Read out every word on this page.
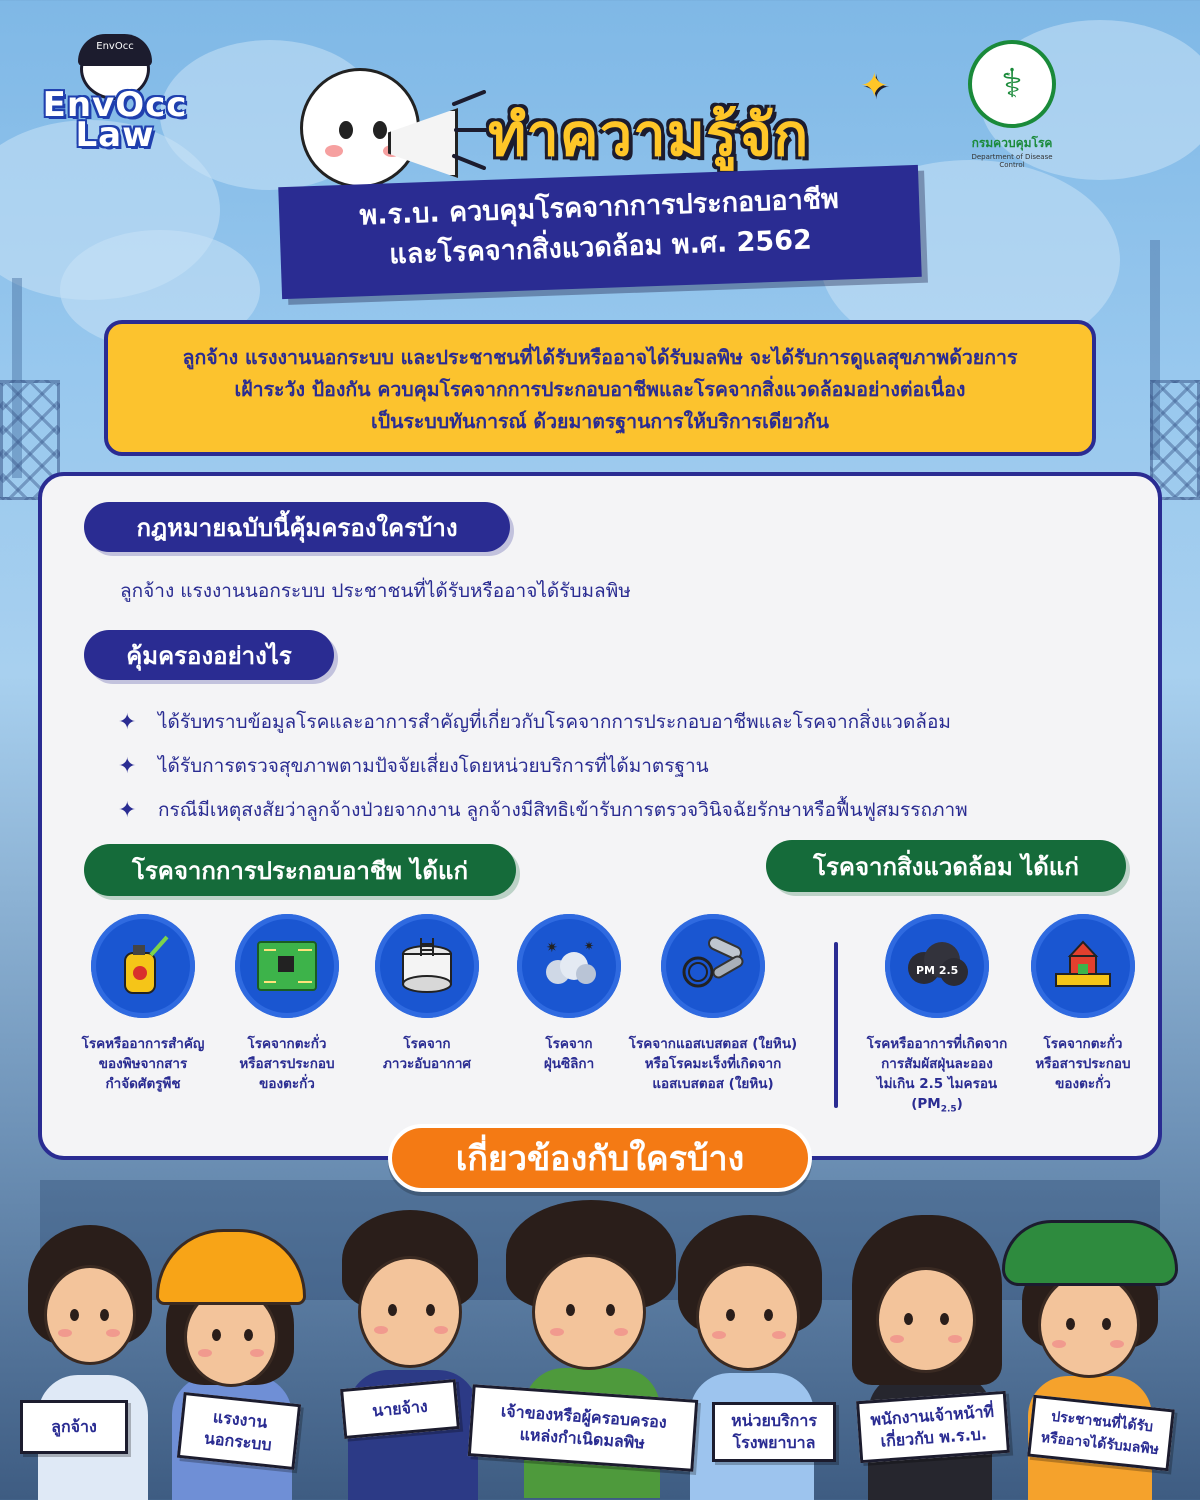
EnvOcc
EnvOcc Law	ทำความรู้จัก
✦
พ.ร.บ. ควบคุมโรคจากการประกอบอาชีพ
และโรคจากสิ่งแวดล้อม พ.ศ. 2562
⚕
กรมควบคุมโรค
Department of Disease Control
ลูกจ้าง แรงงานนอกระบบ และประชาชนที่ได้รับหรืออาจได้รับมลพิษ จะได้รับการดูแลสุขภาพด้วยการ
เฝ้าระวัง ป้องกัน ควบคุมโรคจากการประกอบอาชีพและโรคจากสิ่งแวดล้อมอย่างต่อเนื่อง
เป็นระบบทันการณ์ ด้วยมาตรฐานการให้บริการเดียวกัน
กฎหมายฉบับนี้คุ้มครองใครบ้าง
ลูกจ้าง แรงงานนอกระบบ ประชาชนที่ได้รับหรืออาจได้รับมลพิษ
คุ้มครองอย่างไร
✦	ได้รับทราบข้อมูลโรคและอาการสำคัญที่เกี่ยวกับโรคจากการประกอบอาชีพและโรคจากสิ่งแวดล้อม
✦	ได้รับการตรวจสุขภาพตามปัจจัยเสี่ยงโดยหน่วยบริการที่ได้มาตรฐาน
✦	กรณีมีเหตุสงสัยว่าลูกจ้างป่วยจากงาน ลูกจ้างมีสิทธิเข้ารับการตรวจวินิจฉัยรักษาหรือฟื้นฟูสมรรถภาพ
โรคจากการประกอบอาชีพ ได้แก่	โรคจากสิ่งแวดล้อม ได้แก่
โรคหรืออาการสำคัญ
ของพิษจากสาร
กำจัดศัตรูพืช
โรคจากตะกั่ว
หรือสารประกอบ
ของตะกั่ว
โรคจาก
ภาวะอับอากาศ
✷ ✷
โรคจาก
ฝุ่นซิลิกา
โรคจากแอสเบสตอส (ใยหิน)
หรือโรคมะเร็งที่เกิดจาก
แอสเบสตอส (ใยหิน)
PM 2.5
โรคหรืออาการที่เกิดจาก
การสัมผัสฝุ่นละออง
ไม่เกิน 2.5 ไมครอน
$(PM_{2.5})$
โรคจากตะกั่ว
หรือสารประกอบ
ของตะกั่ว
เกี่ยวข้องกับใครบ้าง
ลูกจ้าง	แรงงาน
นอกระบบ
นายจ้าง	เจ้าของหรือผู้ครอบครอง
แหล่งกำเนิดมลพิษ
หน่วยบริการ
โรงพยาบาล
พนักงานเจ้าหน้าที่
เกี่ยวกับ พ.ร.บ.
ประชาชนที่ได้รับ
หรืออาจได้รับมลพิษ
